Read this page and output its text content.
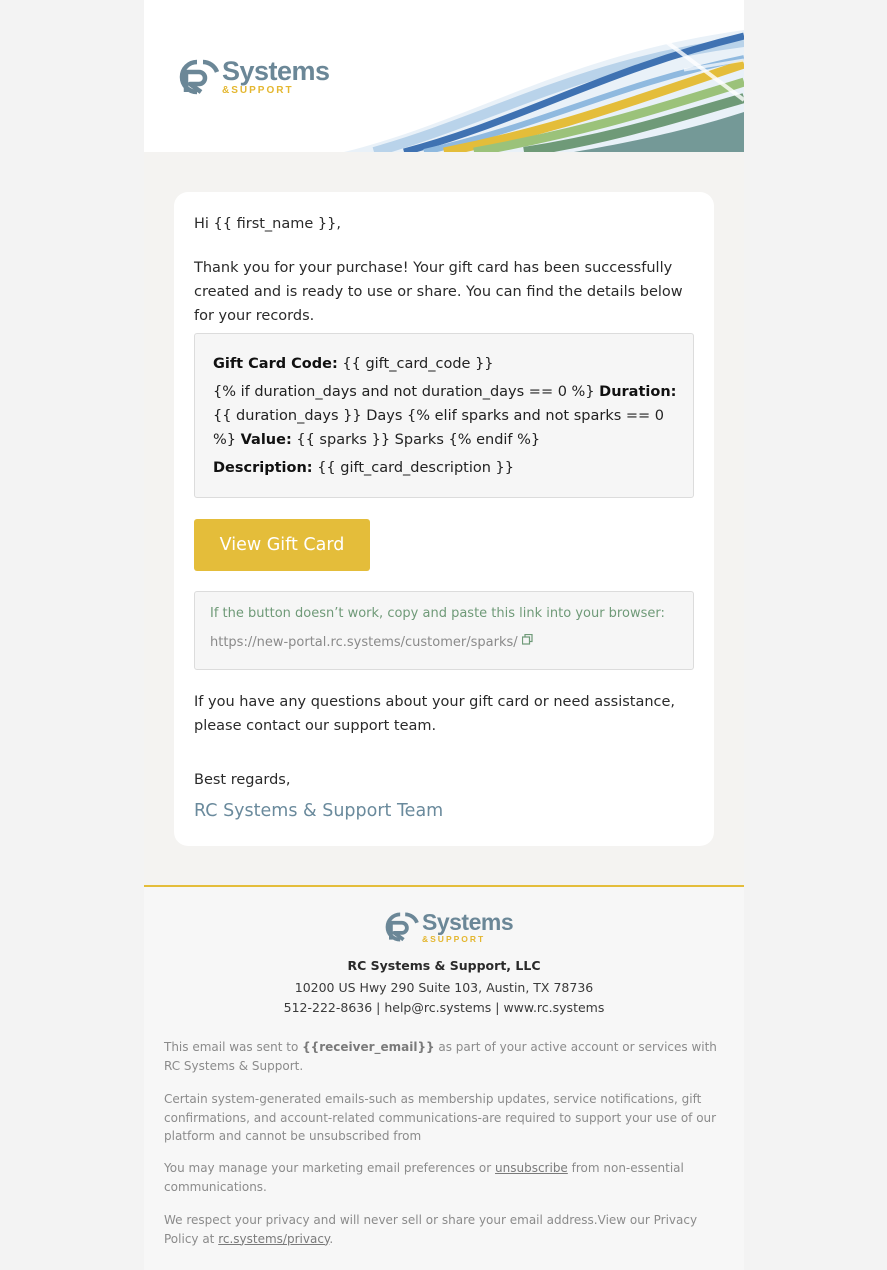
Systems
&SUPPORT

Hi {{ first_name }},

Thank you for your purchase! Your gift card has been successfully created and is ready to use or share. You can find the details below for your records.

Gift Card Code: {{ gift_card_code }}
{% if duration_days and not duration_days == 0 %} Duration: {{ duration_days }} Days {% elif sparks and not sparks == 0 %} Value: {{ sparks }} Sparks {% endif %}
Description: {{ gift_card_description }}
View Gift Card
If the button doesn’t work, copy and paste this link into your browser:
https://new-portal.rc.systems/customer/sparks/

If you have any questions about your gift card or need assistance, please contact our support team.

Best regards,

RC Systems & Support Team
Systems
&SUPPORT
RC Systems & Support, LLC
10200 US Hwy 290 Suite 103, Austin, TX 78736
512-222-8636 | help@rc.systems | www.rc.systems

This email was sent to {{receiver_email}} as part of your active account or services with RC Systems & Support.

Certain system-generated emails-such as membership updates, service notifications, gift confirmations, and account-related communications-are required to support your use of our platform and cannot be unsubscribed from

You may manage your marketing email preferences or unsubscribe from non-essential communications.

We respect your privacy and will never sell or share your email address.View our Privacy Policy at rc.systems/privacy.
